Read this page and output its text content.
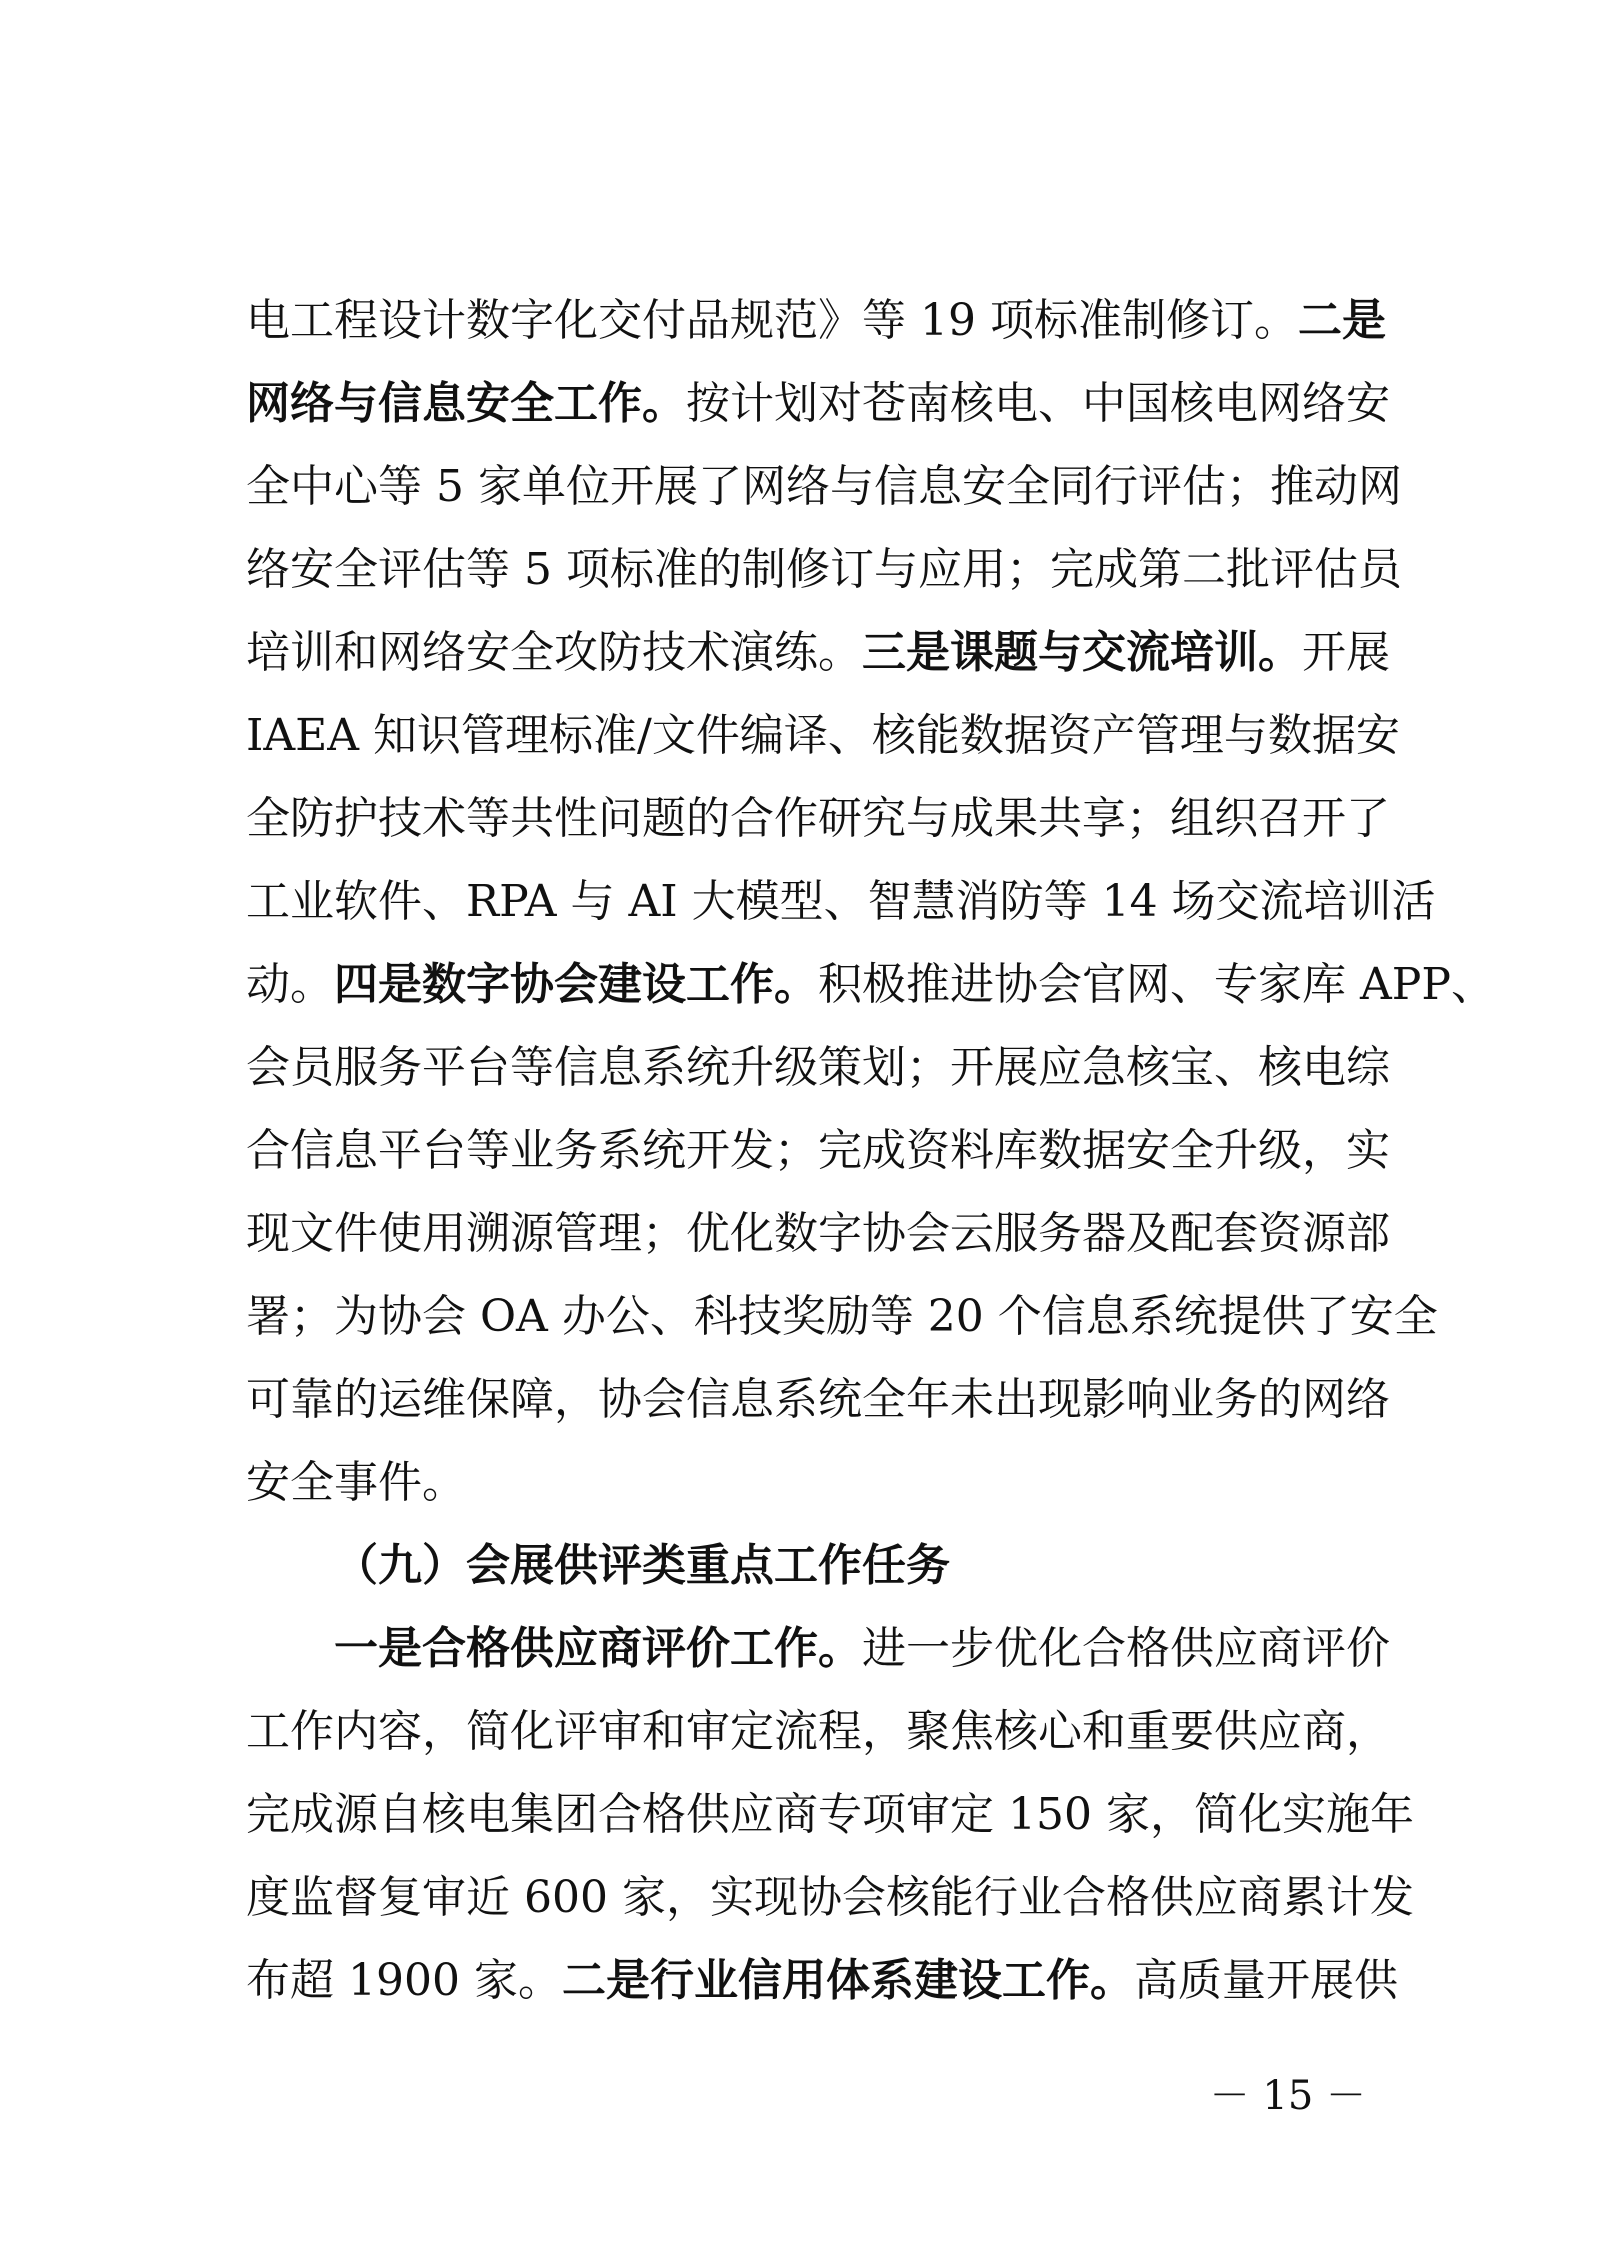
电工程设计数字化交付品规范》等 19 项标准制修订。二是
网络与信息安全工作。按计划对苍南核电、中国核电网络安
全中心等 5 家单位开展了网络与信息安全同行评估；推动网
络安全评估等 5 项标准的制修订与应用；完成第二批评估员
培训和网络安全攻防技术演练。三是课题与交流培训。开展
IAEA 知识管理标准/文件编译、核能数据资产管理与数据安
全防护技术等共性问题的合作研究与成果共享；组织召开了
工业软件、RPA 与 AI 大模型、智慧消防等 14 场交流培训活
动。四是数字协会建设工作。积极推进协会官网、专家库 APP、
会员服务平台等信息系统升级策划；开展应急核宝、核电综
合信息平台等业务系统开发；完成资料库数据安全升级，实
现文件使用溯源管理；优化数字协会云服务器及配套资源部
署；为协会 OA 办公、科技奖励等 20 个信息系统提供了安全
可靠的运维保障，协会信息系统全年未出现影响业务的网络
安全事件。
（九）会展供评类重点工作任务
一是合格供应商评价工作。进一步优化合格供应商评价
工作内容，简化评审和审定流程，聚焦核心和重要供应商，
完成源自核电集团合格供应商专项审定 150 家，简化实施年
度监督复审近 600 家，实现协会核能行业合格供应商累计发
布超 1900 家。二是行业信用体系建设工作。高质量开展供
－ 15 －
